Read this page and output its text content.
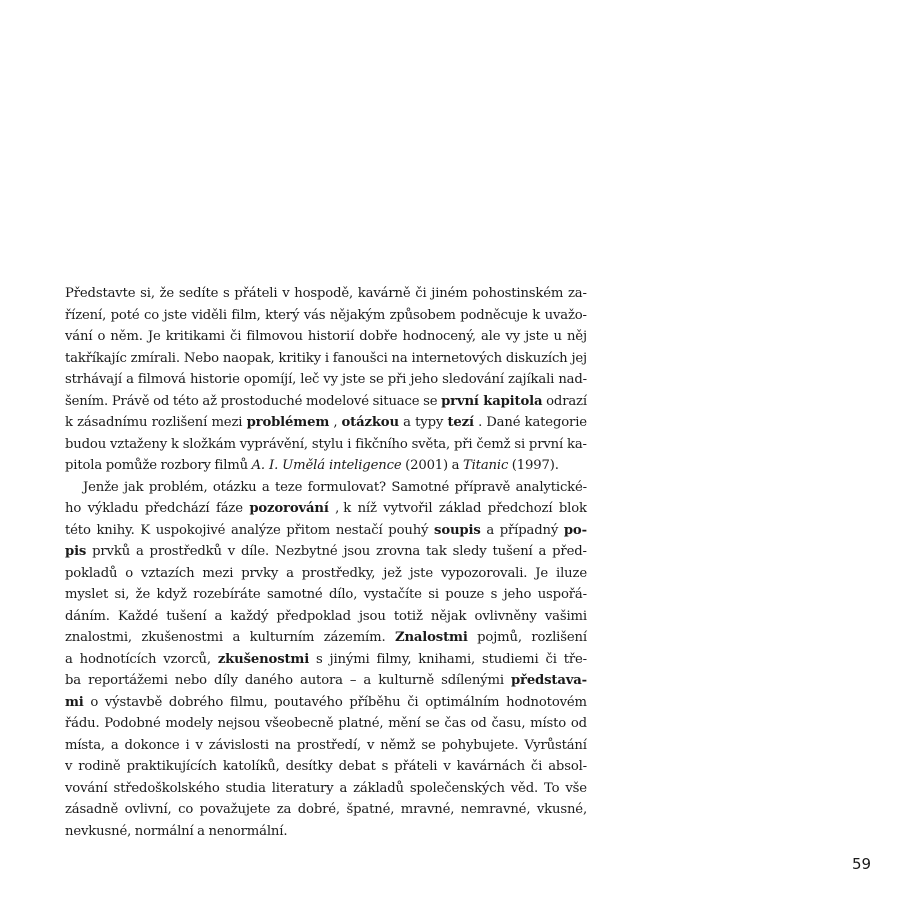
Představte si, že sedíte s přáteli v hospodě, kavárně či jiném pohostinském za-
řízení, poté co jste viděli film, který vás nějakým způsobem podněcuje k uvažo-
vání o něm. Je kritikami či filmovou historií dobře hodnocený, ale vy jste u něj
takříkajíc zmírali. Nebo naopak, kritiky i fanoušci na internetových diskuzích jej
strhávají a filmová historie opomíjí, leč vy jste se při jeho sledování zajíkali nad-
šením. Právě od této až prostoduché modelové situace se první kapitola odrazí
k zásadnímu rozlišení mezi problémem , otázkou a typy tezí . Dané kategorie
budou vztaženy k složkám vyprávění, stylu i fikčního světa, při čemž si první ka-
pitola pomůže rozbory filmů A. I. Umělá inteligence (2001) a Titanic (1997).
Jenže jak problém, otázku a teze formulovat? Samotné přípravě analytické-
ho výkladu předchází fáze pozorování , k níž vytvořil základ předchozí blok
této knihy. K uspokojivé analýze přitom nestačí pouhý soupis a případný po-
pis prvků a prostředků v díle. Nezbytné jsou zrovna tak sledy tušení a před-
pokladů o vztazích mezi prvky a prostředky, jež jste vypozorovali. Je iluze
myslet si, že když rozebíráte samotné dílo, vystačíte si pouze s jeho uspořá-
dáním. Každé tušení a každý předpoklad jsou totiž nějak ovlivněny vašimi
znalostmi, zkušenostmi a kulturním zázemím. Znalostmi pojmů, rozlišení
a hodnotících vzorců, zkušenostmi s jinými filmy, knihami, studiemi či tře-
ba reportážemi nebo díly daného autora – a kulturně sdílenými představa-
mi o výstavbě dobrého filmu, poutavého příběhu či optimálním hodnotovém
řádu. Podobné modely nejsou všeobecně platné, mění se čas od času, místo od
místa, a dokonce i v závislosti na prostředí, v němž se pohybujete. Vyrůstání
v rodině praktikujících katolíků, desítky debat s přáteli v kavárnách či absol-
vování středoškolského studia literatury a základů společenských věd. To vše
zásadně ovlivní, co považujete za dobré, špatné, mravné, nemravné, vkusné,
nevkusné, normální a nenormální.
59
